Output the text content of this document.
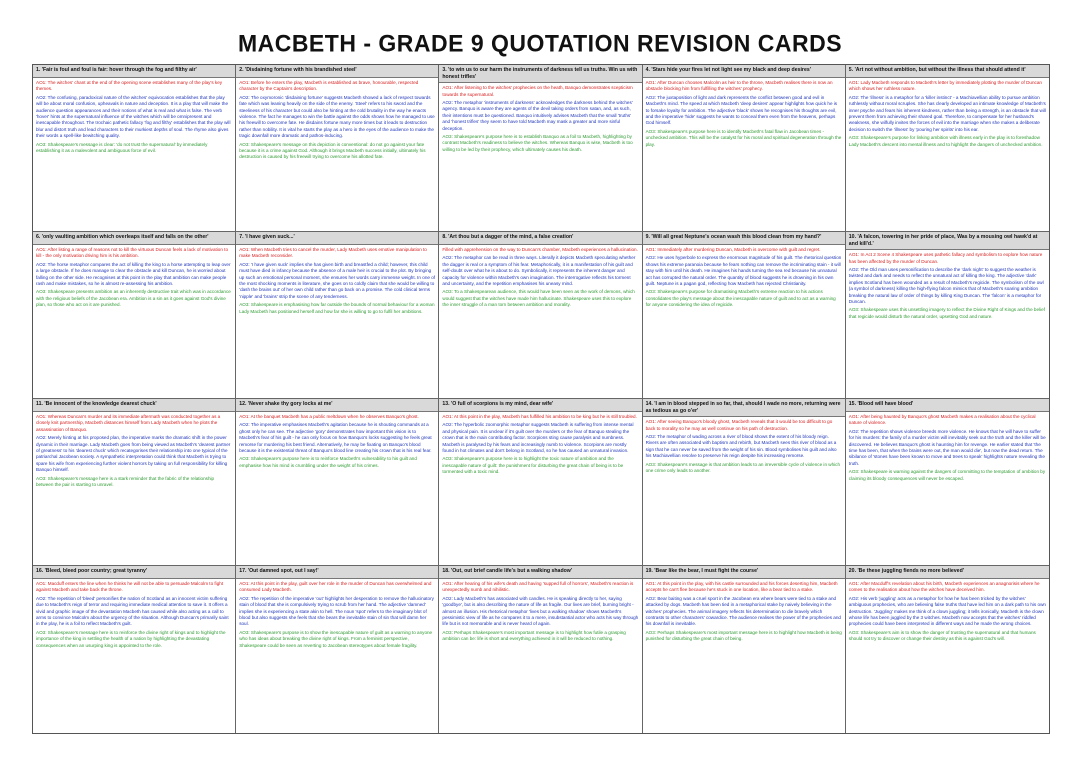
MACBETH - GRADE 9 QUOTATION REVISION CARDS
1. 'Fair is foul and foul is fair: hover through the fog and filthy air'

AO1: The witches' chant at the end of the opening scene establishes many of the play's key themes.

AO2: The confusing, paradoxical nature of the witches' equivocation establishes that the play will be about moral confusion, upheavals in nature and deception. It is a play that will make the audience question appearances and their notions of what is real and what is false. The verb 'hover' hints at the supernatural influence of the witches which will be omnipresent and inescapable throughout. The trochaic pathetic fallacy 'fog and filthy' establishes that the play will blur and distort truth and lead characters to their murkiest depths of soul. The rhyme also gives their words a spell-like bewitching quality.

AO3: Shakespeare's message is clear: 'do not trust the supernatural' by immediately establishing it as a malevolent and ambiguous force of evil.

2. 'Disdaining fortune with his brandished steel'

AO1: Before he enters the play, Macbeth is established as brave, honourable, respected character by the Captain's description.

AO2: The oxymoronic 'disdaining fortune' suggests Macbeth showed a lack of respect towards fate which was leaning heavily on the side of the enemy. 'Steel' refers to his sword and the steeliness of his character but could also be hinting at the cold brutality in the way he enacts violence. The fact he manages to win the battle against the odds shows how he managed to use his freewill to overcome fate. He disdains fortune many more times but it leads to destruction rather than nobility. It is vital he starts the play as a hero in the eyes of the audience to make the tragic downfall more dramatic and pathos-inducing.

AO3: Shakespeare's message on this depiction is conventional: do not go against your fate because it is a crime against God. Although it brings Macbeth success initially, ultimately his destruction is caused by his freewill trying to overcome his allotted fate.

3. 'to win us to our harm the instruments of darkness tell us truths. Win us with honest trifles'

AO1: After listening to the witches' prophecies on the heath, Banquo demonstrates scepticism towards the supernatural.

AO2: The metaphor 'instruments of darkness' acknowledges the darkness behind the witches' agency. Banquo is aware they are agents of the devil taking orders from satan, and, as such, their intentions must be questioned. Banquo intuitively advises Macbeth that the small 'truths' and 'honest trifles' they seem to have told Macbeth may mask a greater and more sinful deception.

AO3: Shakespeare's purpose here is to establish Banquo as a foil to Macbeth, highlighting by contrast Macbeth's readiness to believe the witches. Whereas Banquo is wise, Macbeth is too willing to be led by their prophecy, which ultimately causes his death.

4. 'Stars hide your fires let not light see my black and deep desires'

AO1: After Duncan chooses Malcolm as heir to the throne, Macbeth realises there is now an obstacle blocking him from fulfilling the witches' prophecy.

AO2: The juxtaposition of light and dark represents the conflict between good and evil in Macbeth's mind. The speed at which Macbeth 'deep desires' appear highlights how quick he is to forsake loyalty for ambition. The adjective 'black' shows he recognises his thoughts are evil, and the imperative 'hide' suggests he wants to conceal them even from the heavens, perhaps God himself.

AO3: Shakespeare's purpose here is to identify Macbeth's fatal flaw in Jacobean times - unchecked ambition. This will be the catalyst for his moral and spiritual degeneration through the play.

5. 'Art not without ambition, but without the illness that should attend it'

AO1: Lady Macbeth responds to Macbeth's letter by immediately plotting the murder of Duncan which shows her ruthless nature.

AO2: The 'illness' is a metaphor for a 'killer instinct' - a Machiavellian ability to pursue ambition ruthlessly without moral scruples. She has clearly developed an intimate knowledge of Macbeth's inner psyche and fears his inherent kindness, rather than being a strength, is an obstacle that will prevent them from achieving their shared goal. Therefore, to compensate for her husband's weakness, she wilfully invites the forces of evil into the marriage when she makes a deliberate decision to switch the 'illness' by 'pouring her spirits' into his ear.

AO3: Shakespeare's purpose for linking ambition with illness early in the play is to foreshadow Lady Macbeth's descent into mental illness and to highlight the dangers of unchecked ambition.

6. 'only vaulting ambition which overleaps itself and falls on the other'

AO1: After listing a range of reasons not to kill the virtuous Duncan feels a lack of motivation to kill - the only motivation driving him is his ambition.

AO2: The horse metaphor compares the act of killing the king to a horse attempting to leap over a large obstacle. If he does manage to clear the obstacle and kill Duncan, he is worried about falling on the other side. He recognises at this point in the play that ambition can make people rash and make mistakes, so he is almost re-assessing his ambition.

AO3: Shakespeare presents ambition as an inherently destructive trait which was in accordance with the religious beliefs of the Jacobean era. Ambition is a sin as it goes against God's divine plan, so those who act on it are punished.

7. 'I have given suck...'

AO1: When Macbeth tries to cancel the murder, Lady Macbeth uses emotive manipulation to make Macbeth reconsider.

AO2: 'I have given suck' implies she has given birth and breastfed a child; however, this child must have died in infancy because the absence of a male heir is crucial to the plot. By bringing up such an emotional personal moment, she ensures her words carry immense weight. In one of the most shocking moments in literature, she goes on to coldly claim that she would be willing to 'dash the brains out' of her own child rather than go back on a promise. The cold clinical terms 'nipple' and 'brains' strip the scene of any tenderness.

AO3: Shakespeare is emphasising how far outside the bounds of normal behaviour for a woman Lady Macbeth has positioned herself and how far she is willing to go to fulfil her ambitions.

8. 'Art thou but a dagger of the mind, a false creation'

Filled with apprehension on the way to Duncan's chamber, Macbeth experiences a hallucination.

AO2: The metaphor can be read in three ways. Literally it depicts Macbeth speculating whether the dagger is real or a symptom of his fear. Metaphorically, it is a manifestation of his guilt and self-doubt over what he is about to do. Symbolically, it represents the inherent danger and capacity for violence within Macbeth's own imagination. The interrogative reflects his torment and uncertainty, and the repetition emphasises his uneasy mind.

AO3: To a Shakespearean audience, this would have been seen as the work of demons, which would suggest that the witches have made him hallucinate. Shakespeare uses this to explore the inner struggle of a man torn between ambition and morality.

9. 'Will all great Neptune's ocean wash this blood clean from my hand?'

AO1: Immediately after murdering Duncan, Macbeth is overcome with guilt and regret.

AO2: He uses hyperbole to express the enormous magnitude of his guilt. The rhetorical question shows his extreme paranoia because he fears nothing can remove the incriminating stain - it will stay with him until his death. He imagines his hands turning the sea red because his unnatural act has corrupted the natural order. The quantity of blood suggests he is drowning in his own guilt. Neptune is a pagan god, reflecting how Macbeth has rejected Christianity.

AO3: Shakespeare's purpose for dramatising Macbeth's extreme reaction to his actions consolidates the play's message about the inescapable nature of guilt and to act as a warning for anyone considering the idea of regicide.

10. 'A falcon, towering in her pride of place, Was by a mousing owl hawk'd at and kill'd.'

AO1: In Act 2 Scene 4 Shakespeare uses pathetic fallacy and symbolism to explore how nature has been affected by the murder of Duncan.

AO2: The Old man uses personification to describe the 'dark night' to suggest the weather is twisted and dark and needs to reflect the unnatural act of killing the king. The adjective 'dark' implies Scotland has been wounded as a result of Macbeth's regicide. The symbolism of the owl (a symbol of darkness) killing the high-flying falcon mimics that of Macbeth's soaring ambition breaking the natural law of order of things by killing King Duncan. The 'falcon' is a metaphor for Duncan.

AO3: Shakespeare uses this unsettling imagery to reflect the Divine Right of Kings and the belief that regicide would disturb the natural order, upsetting God and nature.

11. 'Be innocent of the knowledge dearest chuck'

AO1: Whereas Duncan's murder and its immediate aftermath was conducted together as a closely knit partnership, Macbeth distances himself from Lady Macbeth when he plots the assassination of Banquo.

AO2: Merely hinting at his proposed plan, the imperative marks the dramatic shift in the power dynamic in their marriage. Lady Macbeth goes from being viewed as Macbeth's 'dearest partner of greatness' to his 'dearest chuck' which recategorises their relationship into one typical of the patriarchal Jacobean society. A sympathetic interpretation could think that Macbeth is trying to spare his wife from experiencing further violent horrors by taking on full responsibility for killing Banquo himself.

AO3: Shakespeare's message here is a stark reminder that the fabric of the relationship between the pair is starting to unravel.

12. 'Never shake thy gory locks at me'

AO1: At the banquet Macbeth has a public meltdown when he observes Banquo's ghost.

AO2: The imperative emphasises Macbeth's agitation because he is shouting commands at a ghost only he can see. The adjective 'gory' demonstrates how important this vision is to Macbeth's fear of his guilt - he can only focus on how Banquo's locks suggesting he feels great remorse for murdering his best friend. Alternatively, he may be fixating on Banquo's blood because it is the existential threat of Banquo's blood line creating his crown that is his real fear.

AO3: Shakespeare's purpose here is to reinforce Macbeth's vulnerability to his guilt and emphasise how his mind is crumbling under the weight of his crimes.

13. 'O full of scorpions is my mind, dear wife'

AO1: At this point in the play, Macbeth has fulfilled his ambition to be king but he is still troubled.

AO2: The hyperbolic zoomorphic metaphor suggests Macbeth is suffering from intense mental and physical pain. It is unclear if it's guilt over the murders or the fear of Banquo stealing the crown that is the main contributing factor. Scorpions sting cause paralysis and numbness. Macbeth is paralysed by his fears and increasingly numb to violence. Scorpions are mostly found in hot climates and don't belong in Scotland, so he has caused an unnatural invasion.

AO3: Shakespeare's purpose here is to highlight the toxic nature of ambition and the inescapable nature of guilt: the punishment for disturbing the great chain of being is to be tormented with a toxic mind.

14. 'I am in blood stepped in so far, that, should I wade no more, returning were as tedious as go o'er'

AO1: After seeing Banquo's bloody ghost, Macbeth reveals that it would be too difficult to go back to morality so he may as well continue on his path of destruction.

AO2: The metaphor of wading across a river of blood shows the extent of his bloody reign. Rivers are often associated with baptism and rebirth, but Macbeth sees this river of blood as a sign that he can never be saved from the weight of his sin. Blood symbolises his guilt and also his Machiavellian resolve to preserve his reign despite his increasing remorse.

AO3: Shakespeare's message is that ambition leads to an irreversible cycle of violence in which one crime only leads to another.

15. 'Blood will have blood'

AO1: After being haunted by Banquo's ghost Macbeth makes a realisation about the cyclical nature of violence.

AO2: The repetition shows violence breeds more violence. He knows that he will have to suffer for his murders: the family of a murder victim will inevitably seek out the truth and the killer will be discovered. He believes Banquo's ghost is haunting him for revenge. He earlier stated that 'the time has been, that when the brains were out, the man would die', but now the dead return. The sibilance of 'stones have been known to move and trees to speak' highlights nature revealing the truth.

AO3: Shakespeare is warning against the dangers of committing to the temptation of ambition by claiming its bloody consequences will never be escaped.

16. 'Bleed, bleed poor country; great tyranny'

AO1: Macduff enters the line when he thinks he will not be able to persuade Malcolm to fight against Macbeth and take back the throne.

AO2: The repetition of 'bleed' personifies the nation of Scotland as an innocent victim suffering due to Macbeth's reign of terror and requiring immediate medical attention to save it. It offers a vivid and graphic image of the devastation Macbeth has caused while also acting as a call to arms to convince Malcolm about the urgency of the situation. Although Duncan's primarily saint in the play, he is a foil to reflect Macbeth's guilt.

AO3: Shakespeare's message here is to reinforce the divine right of kings and to highlight the importance of the king in settling the health of a nation by highlighting the devastating consequences when an usurping king is appointed to the role.

17. 'Out damned spot, out I say!'

AO1: At this point in the play, guilt over her role in the murder of Duncan has overwhelmed and consumed Lady Macbeth.

AO2: The repetition of the imperative 'out' highlights her desperation to remove the hallucinatory stain of blood that she is compulsively trying to scrub from her hand. The adjective 'damned' implies she is experiencing a state akin to hell. The noun 'spot' refers to the imaginary blot of blood but also suggests she feels that she bears the inevitable stain of sin that will damn her soul.

AO3: Shakespeare's purpose is to show the inescapable nature of guilt as a warning to anyone who has ideas about breaking the divine right of kings. From a feminist perspective, Shakespeare could be seen as reverting to Jacobean stereotypes about female fragility.

18. 'Out, out brief candle life's but a walking shadow'

AO1: After hearing of his wife's death and having 'supped full of horrors', Macbeth's reaction is unexpectedly numb and nihilistic.

AO2: Lady Macbeth's has associated with candles. He is speaking directly to her, saying 'goodbye', but is also describing the nature of life as fragile. Our lives are brief, burning bright - almost an illusion. His rhetorical metaphor 'lives but a walking shadow' shows Macbeth's pessimistic view of life as he compares it to a mere, insubstantial actor who acts his way through life but is not memorable and is never heard of again.

AO3: Perhaps Shakespeare's most important message is to highlight how futile a grasping ambition can be: life is short and everything achieved in it will be reduced to nothing.

19. 'Bear like the bear, I must fight the course'

AO1: At this point in the play, with his castle surrounded and his forces deserting him, Macbeth accepts he can't flee because he's stuck in one location, like a bear tied to a stake.

AO2: Bear baiting was a cruel sport in the Jacobean era where bears were tied to a stake and attacked by dogs. Macbeth has been tied in a metaphorical stake by naively believing in the witches' prophecies. The animal imagery reflects his determination to die bravely which contrasts to other characters' cowardice. The audience realises the power of the prophecies and his downfall is inevitable.

AO3: Perhaps Shakespeare's most important message here is to highlight how Macbeth is being punished for disturbing the great chain of being.

20. 'Be these juggling fiends no more believed'

AO1: After Macduff's revelation about his birth, Macbeth experiences an anagnorisis where he comes to the realisation about how the witches have deceived him.

AO2: His verb 'juggling' acts as a metaphor for how he has been tricked by the witches' ambiguous prophecies, who are believing false truths that have led him on a dark path to his own destruction. 'Juggling' makes me think of a clown juggling; it tells ironically, Macbeth is the clown whose life has been juggled by the 3 witches. Macbeth now accepts that the witches' riddled prophecies could have been interpreted in different ways and he made the wrong choices.

AO3: Shakespeare's aim is to show the danger of trusting the supernatural and that humans should not try to discover or change their destiny as this is against God's will.
